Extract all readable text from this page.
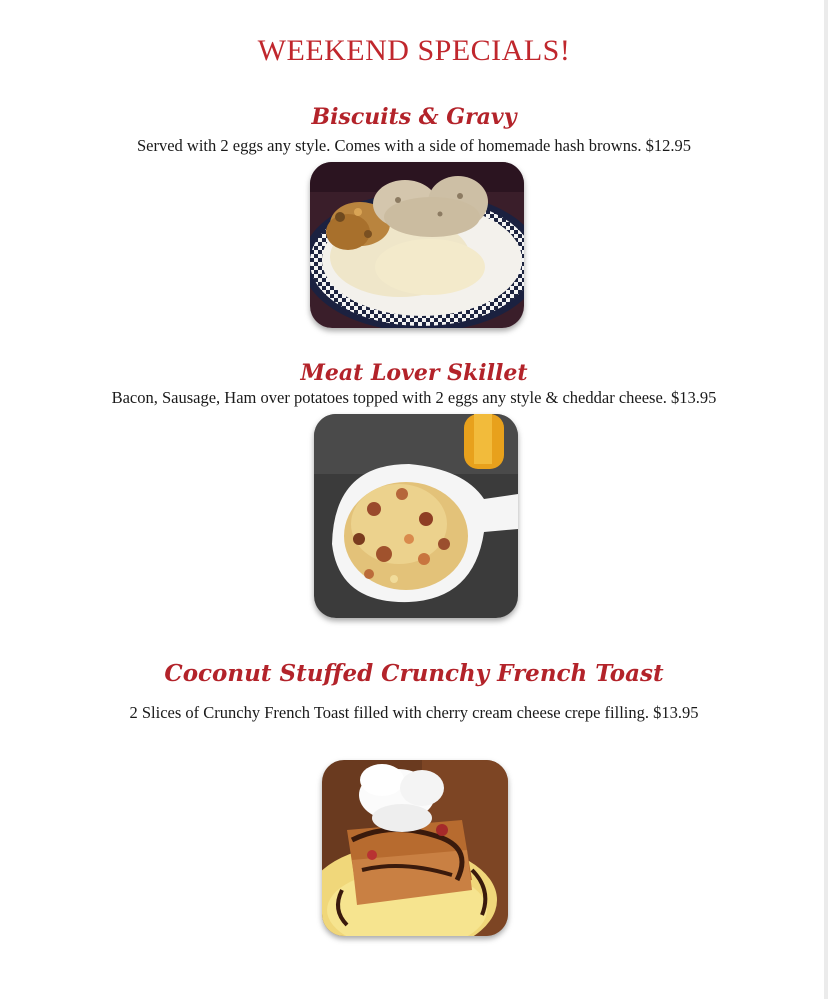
WEEKEND SPECIALS!
Biscuits & Gravy

Served with 2 eggs any style. Comes with a side of homemade hash browns. $12.95

Meat Lover Skillet

Bacon, Sausage, Ham over potatoes topped with 2 eggs any style & cheddar cheese. $13.95

Coconut Stuffed Crunchy French Toast

2 Slices of Crunchy French Toast filled with cherry cream cheese crepe filling. $13.95
